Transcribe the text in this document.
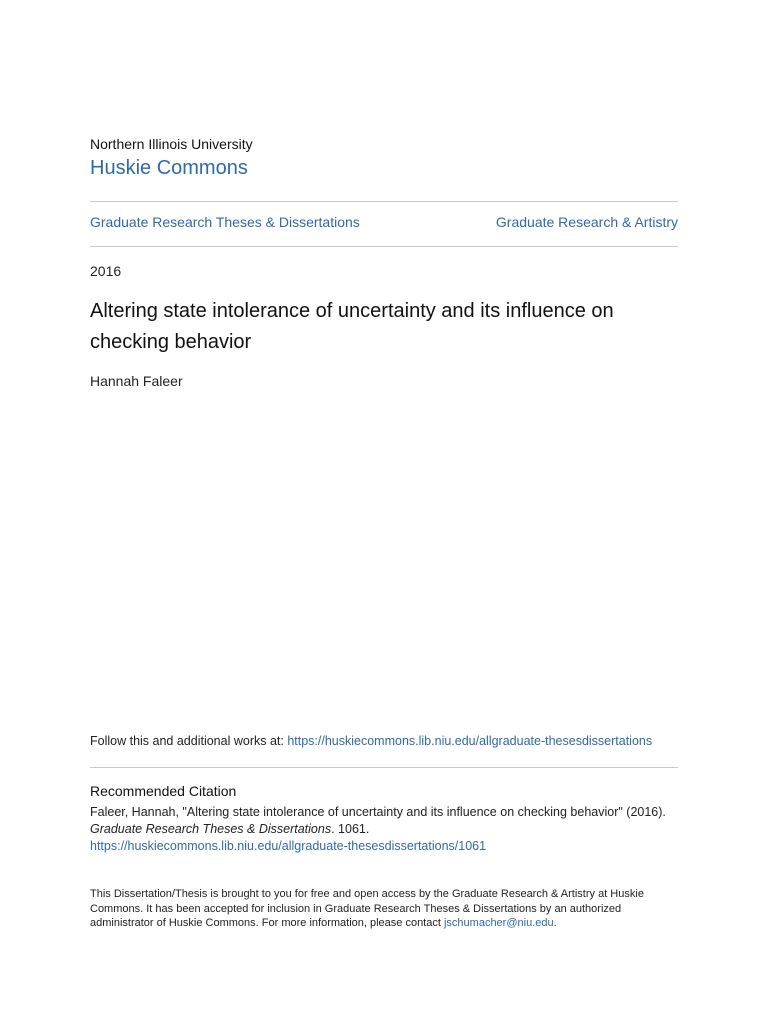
Northern Illinois University
Huskie Commons
Graduate Research Theses & Dissertations	Graduate Research & Artistry
2016
Altering state intolerance of uncertainty and its influence on checking behavior
Hannah Faleer
Follow this and additional works at: https://huskiecommons.lib.niu.edu/allgraduate-thesesdissertations
Recommended Citation
Faleer, Hannah, "Altering state intolerance of uncertainty and its influence on checking behavior" (2016).
Graduate Research Theses & Dissertations. 1061.
https://huskiecommons.lib.niu.edu/allgraduate-thesesdissertations/1061
This Dissertation/Thesis is brought to you for free and open access by the Graduate Research & Artistry at Huskie Commons. It has been accepted for inclusion in Graduate Research Theses & Dissertations by an authorized administrator of Huskie Commons. For more information, please contact jschumacher@niu.edu.
